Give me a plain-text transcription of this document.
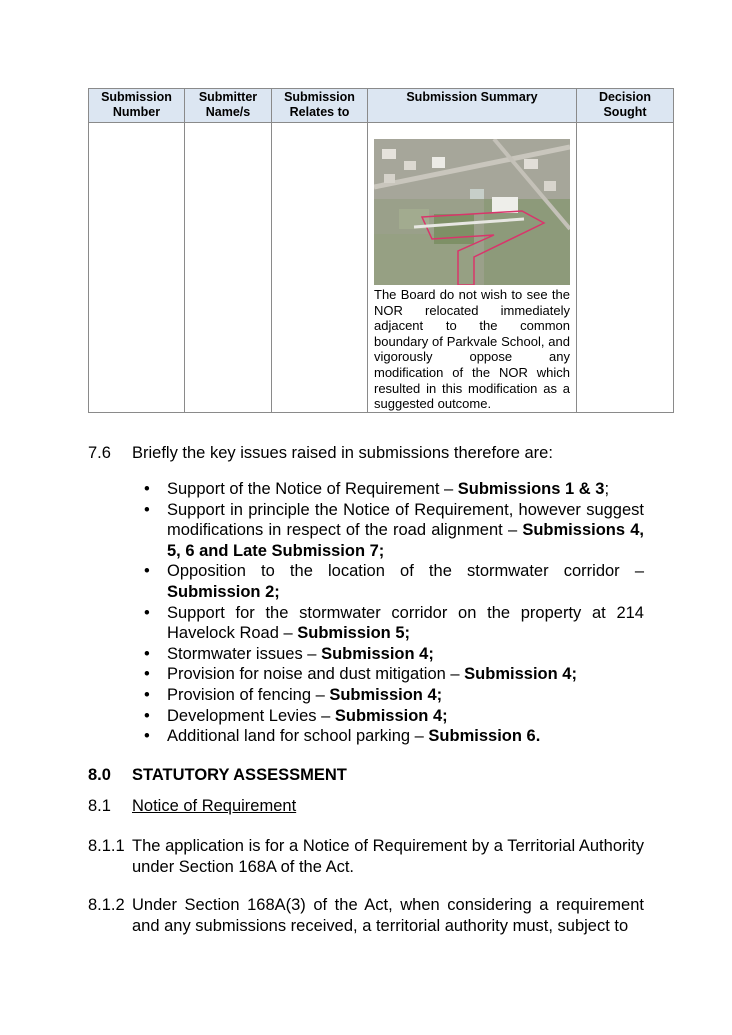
Submission Number	Submitter Name/s	Submission Relates to	Submission Summary	Decision Sought

			The Board do not wish to see the NOR relocated immediately adjacent to the common boundary of Parkvale School, and vigorously oppose any modification of the NOR which resulted in this modification as a suggested outcome.	

7.6 Briefly the key issues raised in submissions therefore are:
• Support of the Notice of Requirement – Submissions 1 & 3;
• Support in principle the Notice of Requirement, however suggest modifications in respect of the road alignment – Submissions 4, 5, 6 and Late Submission 7;
• Opposition to the location of the stormwater corridor – Submission 2;
• Support for the stormwater corridor on the property at 214 Havelock Road – Submission 5;
• Stormwater issues – Submission 4;
• Provision for noise and dust mitigation – Submission 4;
• Provision of fencing – Submission 4;
• Development Levies – Submission 4;
• Additional land for school parking – Submission 6.
8.0 STATUTORY ASSESSMENT
8.1 Notice of Requirement
8.1.1 The application is for a Notice of Requirement by a Territorial Authority under Section 168A of the Act.
8.1.2 Under Section 168A(3) of the Act, when considering a requirement and any submissions received, a territorial authority must, subject to
